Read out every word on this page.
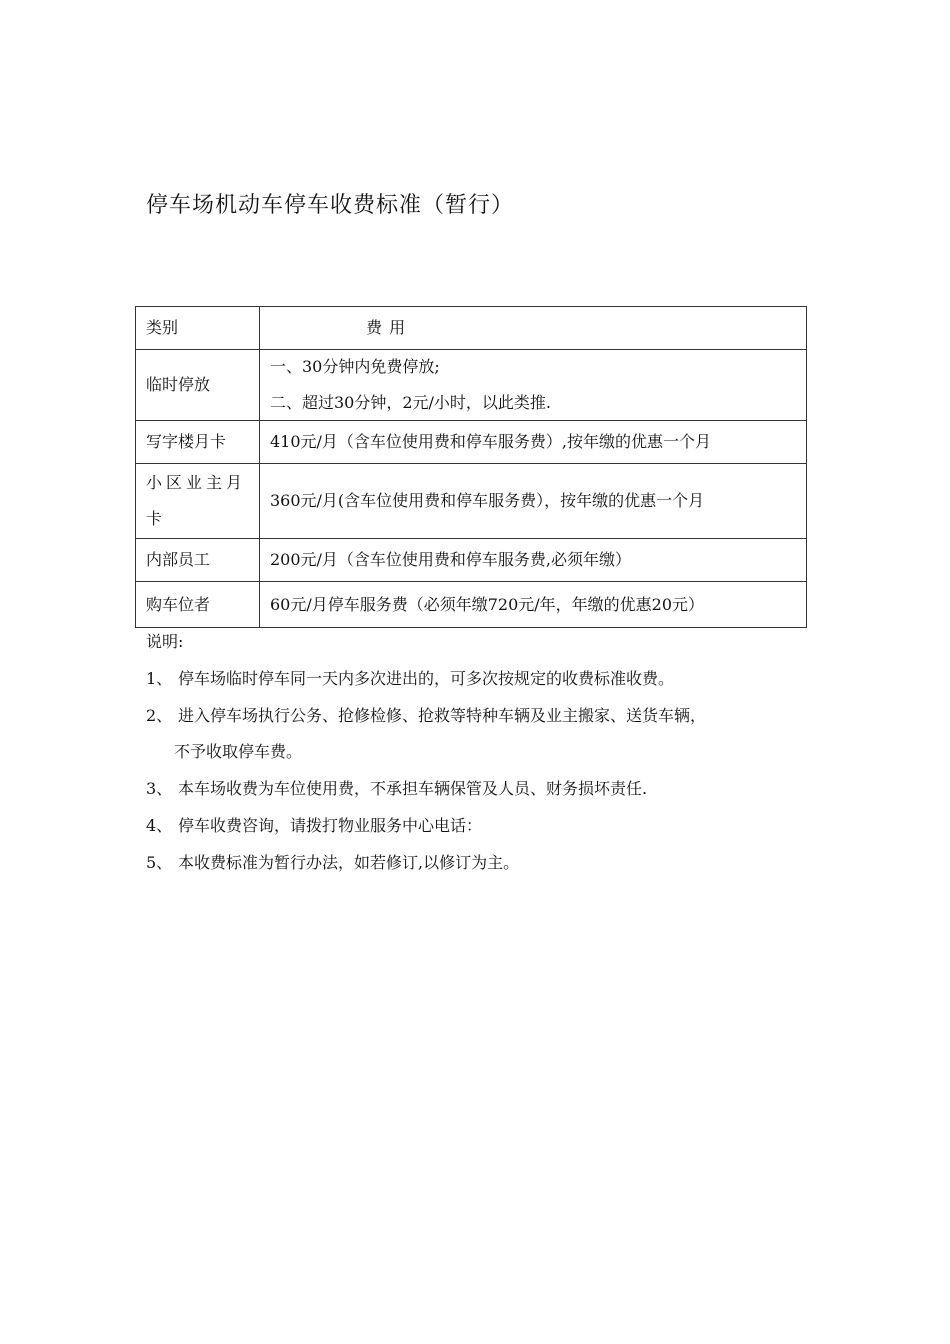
停车场机动车停车收费标准（暂行）
类别	费 用
临时停放	一、30分钟内免费停放;
二、超过30分钟，2元/小时，以此类推.

写字楼月卡	410元/月（含车位使用费和停车服务费）,按年缴的优惠一个月

小区业主月卡	360元/月(含车位使用费和停车服务费），按年缴的优惠一个月
内部员工	200元/月（含车位使用费和停车服务费,必须年缴）
购车位者	60元/月停车服务费（必须年缴720元/年，年缴的优惠20元）
说明:
1、 停车场临时停车同一天内多次进出的，可多次按规定的收费标准收费。
2、 进入停车场执行公务、抢修检修、抢救等特种车辆及业主搬家、送货车辆，
不予收取停车费。
3、 本车场收费为车位使用费，不承担车辆保管及人员、财务损坏责任.
4、 停车收费咨询，请拨打物业服务中心电话：
5、 本收费标准为暂行办法，如若修订,以修订为主。
